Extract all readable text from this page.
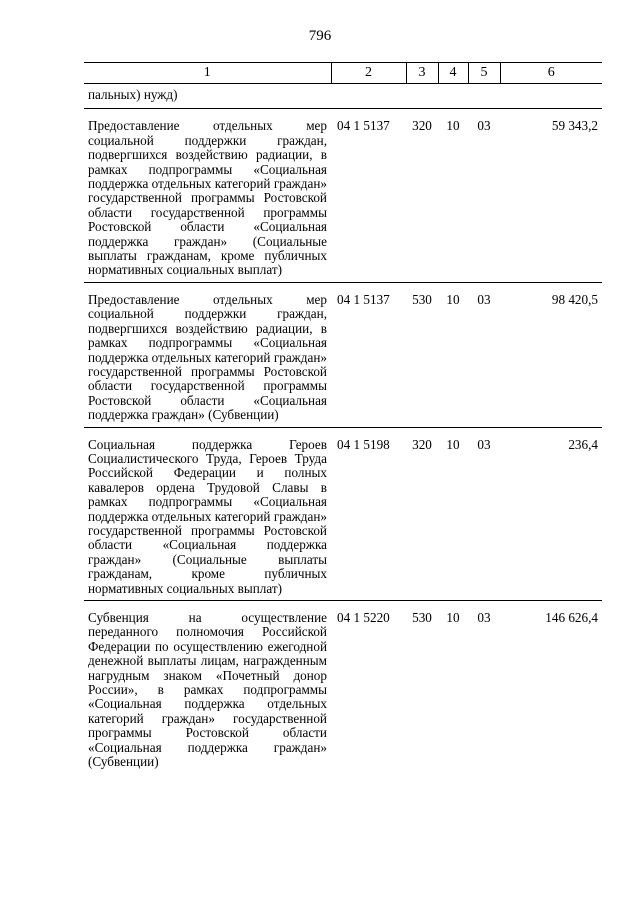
796
1	2	3	4	5	6
пальных) нужд)					
Предоставление отдельных мер социальной поддержки граждан, подвергшихся воздействию радиации, в рамках подпрограммы «Социальная поддержка отдельных категорий граждан» государственной программы Ростовской области государственной программы Ростовской области «Социальная поддержка граждан» (Социальные выплаты гражданам, кроме публичных нормативных социальных выплат)	04 1 5137	320	10	03	59 343,2
Предоставление отдельных мер социальной поддержки граждан, подвергшихся воздействию радиации, в рамках подпрограммы «Социальная поддержка отдельных категорий граждан» государственной программы Ростовской области государственной программы Ростовской области «Социальная поддержка граждан» (Субвенции)	04 1 5137	530	10	03	98 420,5
Социальная поддержка Героев Социалистического Труда, Героев Труда Российской Федерации и полных кавалеров ордена Трудовой Славы в рамках подпрограммы «Социальная поддержка отдельных категорий граждан» государственной программы Ростовской области «Социальная поддержка граждан» (Социальные выплаты гражданам, кроме публичных нормативных социальных выплат)	04 1 5198	320	10	03	236,4
Субвенция на осуществление переданного полномочия Российской Федерации по осуществлению ежегодной денежной выплаты лицам, награжденным нагрудным знаком «Почетный донор России», в рамках подпрограммы «Социальная поддержка отдельных категорий граждан» государственной программы Ростовской области «Социальная поддержка граждан» (Субвенции)	04 1 5220	530	10	03	146 626,4
